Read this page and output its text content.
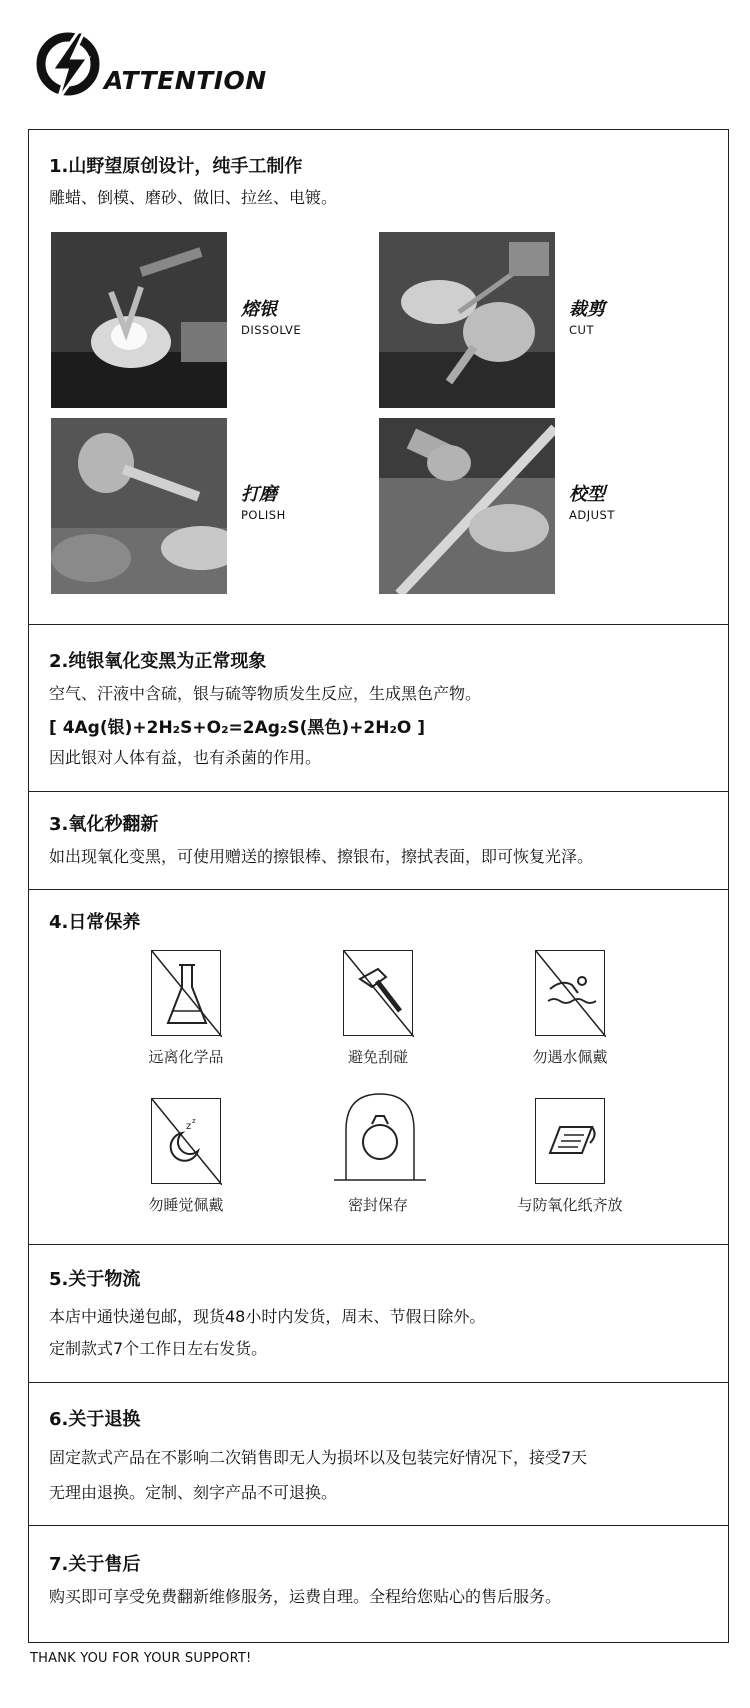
ATTENTION
1.山野望原创设计，纯手工制作
雕蜡、倒模、磨砂、做旧、拉丝、电镀。
熔银
DISSOLVE
裁剪
CUT
打磨
POLISH
校型
ADJUST
2.纯银氧化变黑为正常现象
空气、汗液中含硫，银与硫等物质发生反应，生成黑色产物。
[ 4Ag(银)+2H₂S+O₂=2Ag₂S(黑色)+2H₂O ]
因此银对人体有益，也有杀菌的作用。
3.氧化秒翻新
如出现氧化变黑，可使用赠送的擦银棒、擦银布，擦拭表面，即可恢复光泽。
4.日常保养
远离化学品	避免刮碰	勿遇水佩戴
z z
勿睡觉佩戴	密封保存	与防氧化纸齐放
5.关于物流
本店中通快递包邮，现货48小时内发货，周末、节假日除外。
定制款式7个工作日左右发货。
6.关于退换
固定款式产品在不影响二次销售即无人为损坏以及包装完好情况下，接受7天
无理由退换。定制、刻字产品不可退换。
7.关于售后
购买即可享受免费翻新维修服务，运费自理。全程给您贴心的售后服务。
THANK YOU FOR YOUR SUPPORT!
